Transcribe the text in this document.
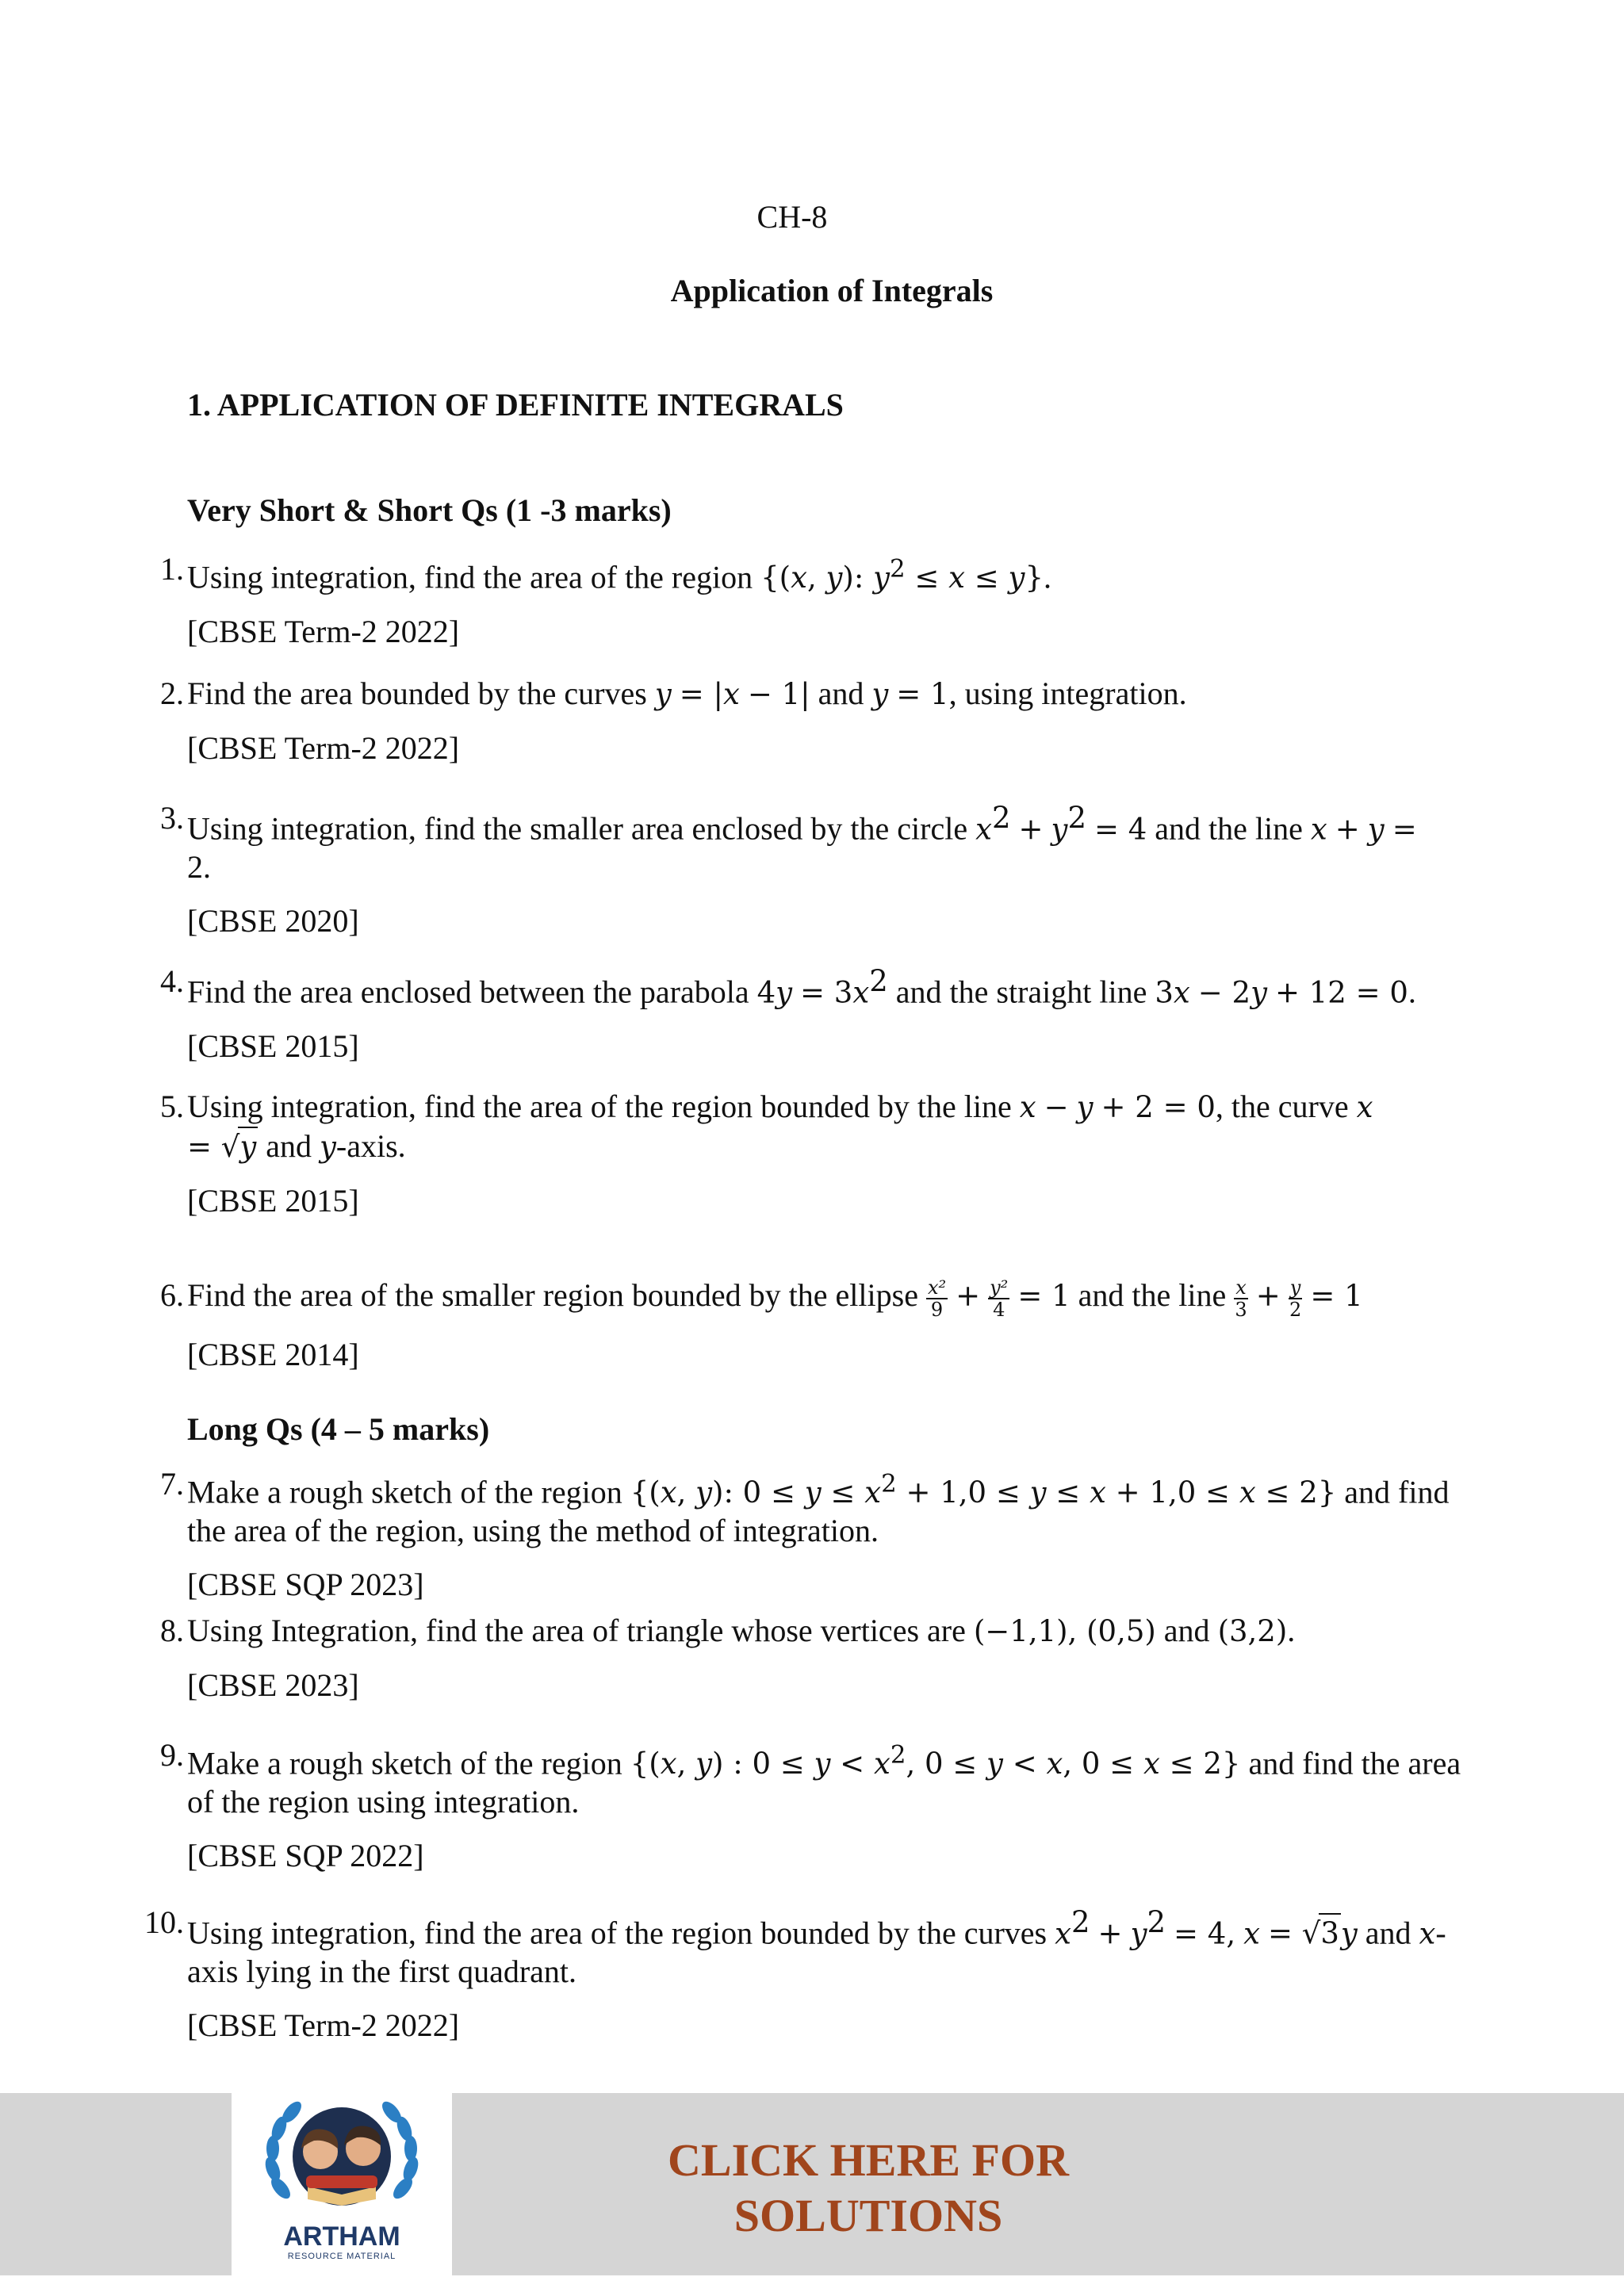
CH-8
Application of Integrals
1. APPLICATION OF DEFINITE INTEGRALS
Very Short & Short Qs (1 -3 marks)
1. Using integration, find the area of the region {(x, y): $y^2 \le x \le y$}.
[CBSE Term-2 2022]
2. Find the area bounded by the curves y = |x − 1| and y = 1, using integration.
[CBSE Term-2 2022]
3. Using integration, find the smaller area enclosed by the circle $x^2 + y^2 = 4$ and the line x + y =
2.
[CBSE 2020]
4. Find the area enclosed between the parabola $4y = 3x^2$ and the straight line 3x − 2y + 12 = 0.
[CBSE 2015]
5. Using integration, find the area of the region bounded by the line x − y + 2 = 0, the curve x
= √y and y-axis.
[CBSE 2015]
6. Find the area of the smaller region bounded by the ellipse $\frac{\text{x²}}{9} + \frac{\text{y²}}{4} = 1$ and the line $\frac{x}{3} + \frac{y}{2} = 1$
[CBSE 2014]
Long Qs (4 – 5 marks)
7. Make a rough sketch of the region {(x, y): $0 \le y \le x^2 + 1,0 \le y \le x + 1,0 \le x \le 2$} and find
the area of the region, using the method of integration.
[CBSE SQP 2023]
8. Using Integration, find the area of triangle whose vertices are (−1,1), (0,5) and (3,2).
[CBSE 2023]
9. Make a rough sketch of the region {(x, y) : $0 \le y < x^2$, 0 ≤ y < x, 0 ≤ x ≤ 2} and find the area
of the region using integration.
[CBSE SQP 2022]
10. Using integration, find the area of the region bounded by the curves $x^2 + y^2 = 4$, x = √3y and x-
axis lying in the first quadrant.
[CBSE Term-2 2022]
ARTHAM
RESOURCE MATERIAL
CLICK HERE FOR
SOLUTIONS
